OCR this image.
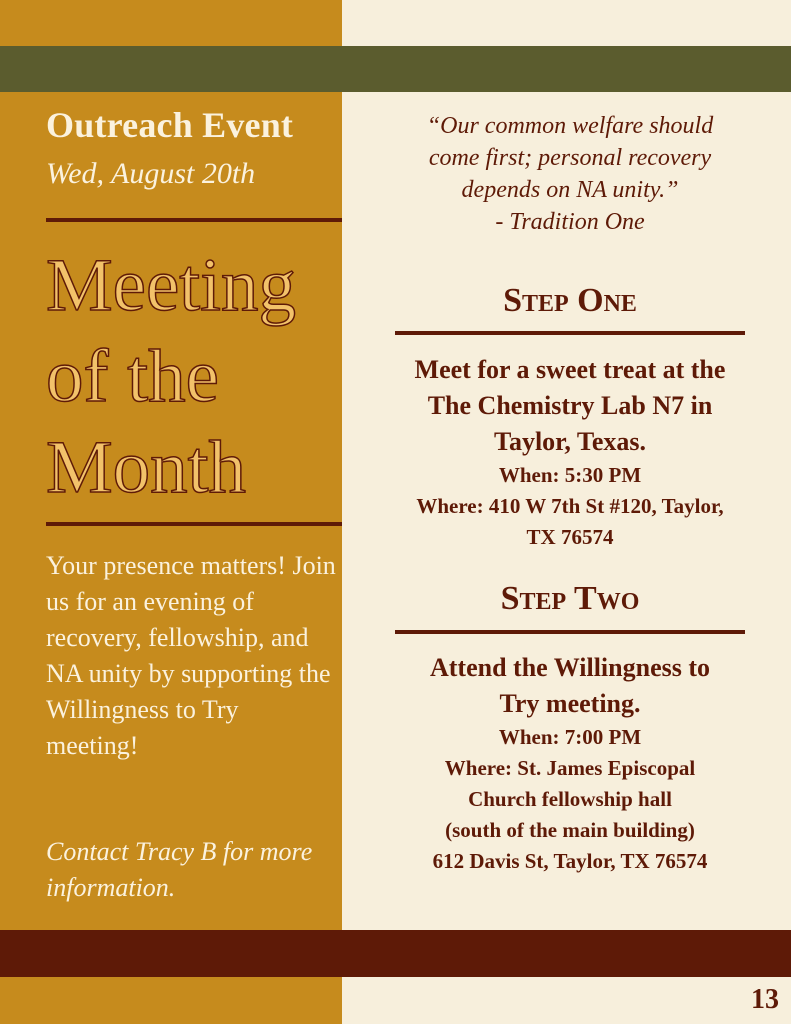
Outreach Event
Wed, August 20th
Meeting
of the
Month

Your presence matters! Join us for an evening of recovery, fellowship, and NA unity by supporting the Willingness to Try meeting!

Contact Tracy B for more information.

“Our common welfare should
come first; personal recovery
depends on NA unity.”
- Tradition One
Step One
Meet for a sweet treat at the The Chemistry Lab N7 in Taylor, Texas.
When: 5:30 PM
Where: 410 W 7th St #120, Taylor, TX 76574
Step Two
Attend the Willingness to Try meeting.
When: 7:00 PM
Where: St. James Episcopal
Church fellowship hall
(south of the main building)
612 Davis St, Taylor, TX 76574
13
